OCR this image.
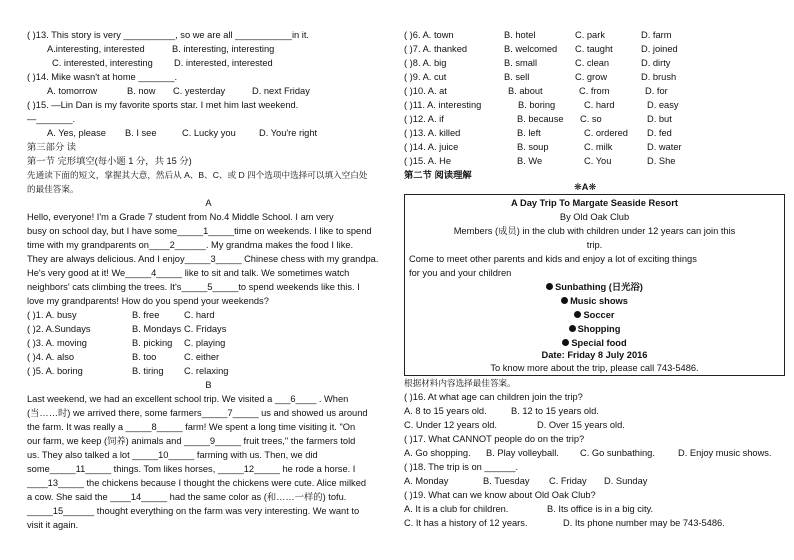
( )13. This story is very __________, so we are all ___________in it.
A.interesting, interested	B. interesting, interesting
C. interested, interesting D. interested, interested
( )14. Mike wasn't at home _______.
A. tomorrow	B. now C. yesterday	D. next Friday
( )15. —Lin Dan is my favorite sports star. I met him last weekend.
—_______.
A. Yes, please B. I see	C. Lucky you	D. You're right
第三部分 读
第一节 完形填空(每小题 1 分，共 15 分)
先通读下面的短文，掌握其大意，然后从 A、B、C、或 D 四个选项中选择可以填入空白处
的最佳答案。
A
Hello, everyone! I'm a Grade 7 student from No.4 Middle School. I am very
busy on school day, but I have some_____1_____time on weekends. I like to spend
time with my grandparents on____2______. My grandma makes the food I like.
They are always delicious. And I enjoy_____3_____ Chinese chess with my grandpa.
He's very good at it! We_____4_____ like to sit and talk. We sometimes watch
neighbors' cats climbing the trees. It's_____5_____to spend weekends like this. I
love my grandparents! How do you spend your weekends?
( )1. A. busy	B. free	C. hard
( )2. A.Sundays	B. Mondays C. Fridays
( )3. A. moving	B. picking C. playing
( )4. A. also	B. too	C. either
( )5. A. boring	B. tiring C. relaxing
B
Last weekend, we had an excellent school trip. We visited a ___6____ . When
(当……时) we arrived there, some farmers_____7_____ us and showed us around
the farm. It was really a _____8_____ farm! We spent a long time visiting it. "On
our farm, we keep (饲养) animals and _____9_____ fruit trees," the farmers told
us. They also talked a lot _____10_____ farming with us. Then, we did
some_____11_____ things. Tom likes horses, _____12_____ he rode a horse. I
____13_____ the chickens because I thought the chickens were cute. Alice milked
a cow. She said the ____14_____ had the same color as (和……一样的) tofu.
_____15______ thought everything on the farm was very interesting. We want to
visit it again.
( )6. A. town	B. hotel	C. park	D. farm
( )7. A. thanked	B. welcomed C. taught	D. joined
( )8. A. big	B. small	C. clean	D. dirty
( )9. A. cut	B. sell	C. grow	D. brush
( )10. A. at	B. about	C. from	D. for
( )11. A. interesting	B. boring	C. hard	D. easy
( )12. A. if	B. because C. so	D. but
( )13. A. killed	B. left	C. ordered D. fed
( )14. A. juice	B. soup	C. milk	D. water
( )15. A. He	B. We	C. You	D. She
第二节 阅读理解
❋A❋
A Day Trip To Margate Seaside Resort
By Old Oak Club
Members (成员) in the club with children under 12 years can join this
trip.
Come to meet other parents and kids and enjoy a lot of exciting things
for you and your children
Sunbathing (日光浴)
Music shows
Soccer
Shopping
Special food
Date: Friday 8 July 2016
To know more about the trip, please call 743-5486.
根据材料内容选择最佳答案。
( )16. At what age can children join the trip?
A. 8 to 15 years old.	B. 12 to 15 years old.
C. Under 12 years old.	D. Over 15 years old.
( )17. What CANNOT people do on the trip?
A. Go shopping. B. Play volleyball. C. Go sunbathing. D. Enjoy music shows.
( )18. The trip is on ______.
A. Monday	B. Tuesday C. Friday D. Sunday
( )19. What can we know about Old Oak Club?
A. It is a club for children.	B. Its office is in a big city.
C. It has a history of 12 years.	D. Its phone number may be 743-5486.
